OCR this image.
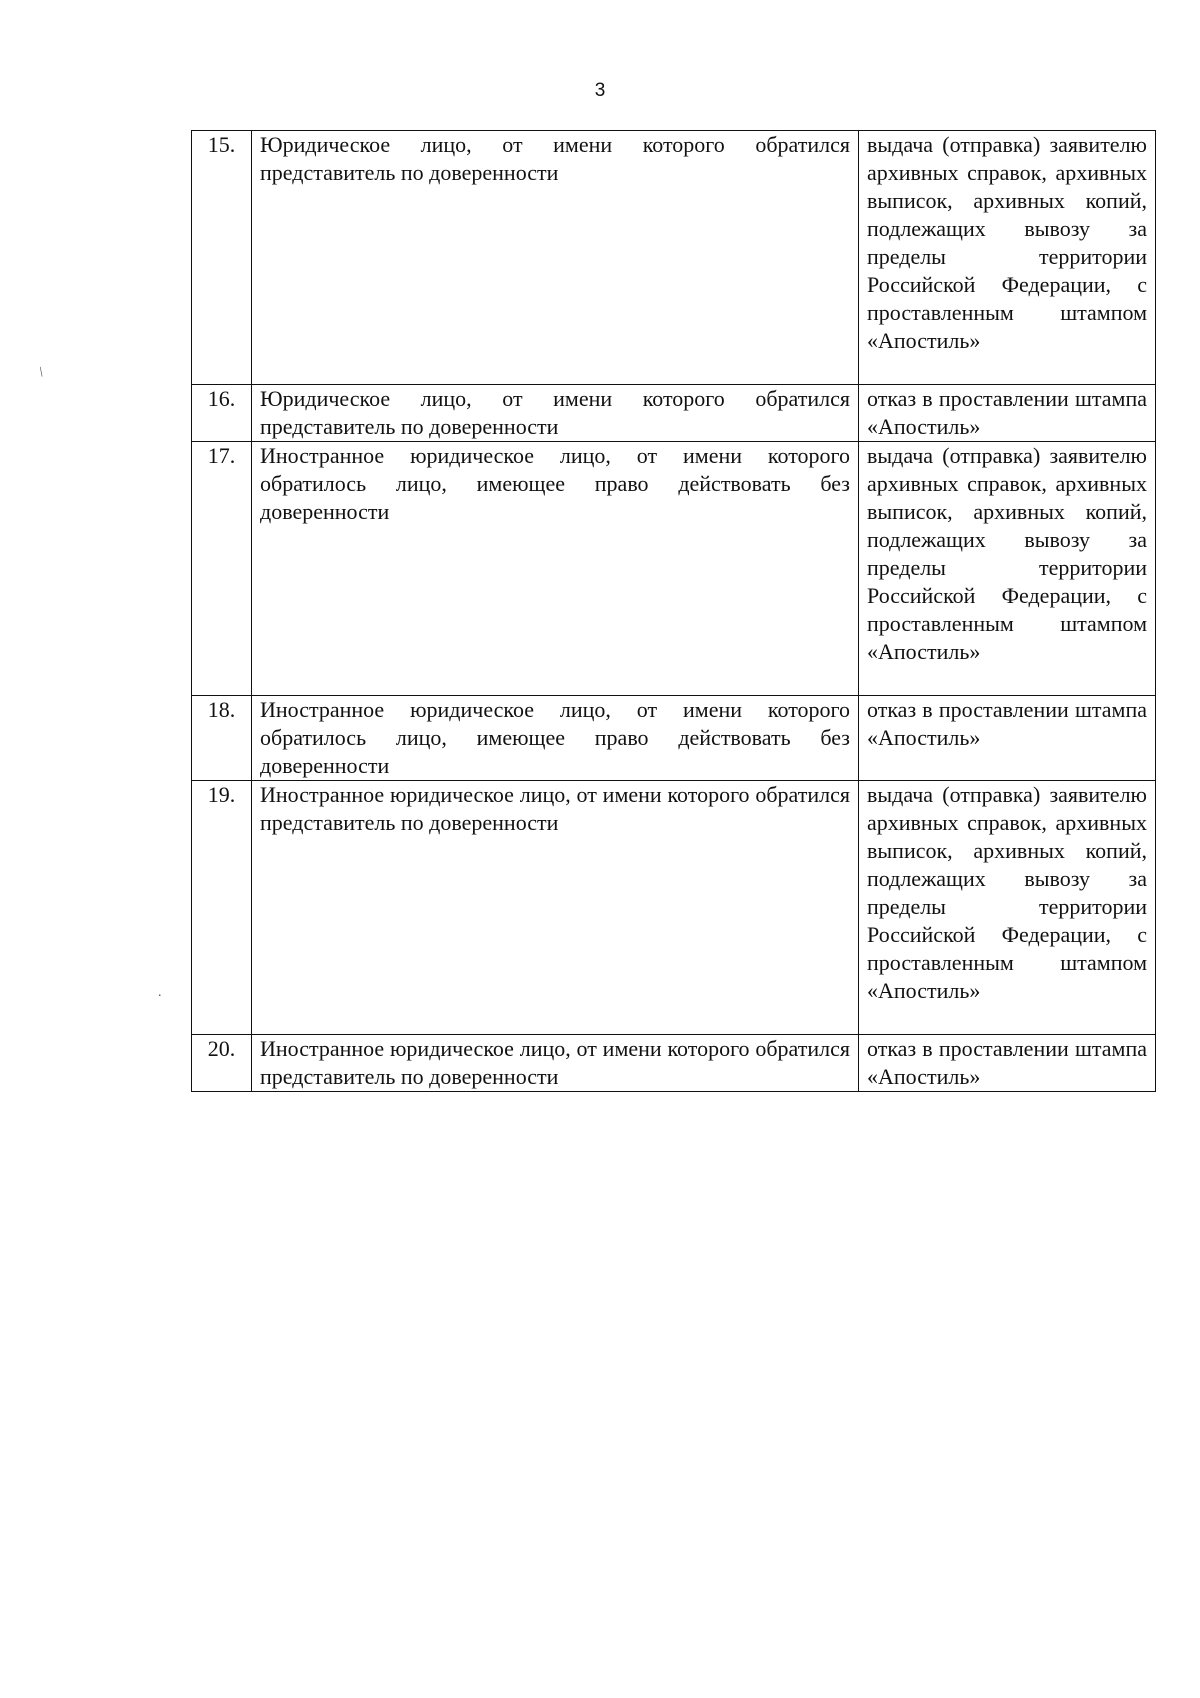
3
15.	Юридическое лицо, от имени которого обратился представитель по доверенности	выдача (отправка) заявителю архивных справок, архивных выписок, архивных копий, подлежащих вывозу за пределы территории Российской Федерации, с проставленным штампом «Апостиль»
16.	Юридическое лицо, от имени которого обратился представитель по доверенности	отказ в проставлении штампа «Апостиль»
17.	Иностранное юридическое лицо, от имени которого обратилось лицо, имеющее право действовать без доверенности	выдача (отправка) заявителю архивных справок, архивных выписок, архивных копий, подлежащих вывозу за пределы территории Российской Федерации, с проставленным штампом «Апостиль»
18.	Иностранное юридическое лицо, от имени которого обратилось лицо, имеющее право действовать без доверенности	отказ в проставлении штампа «Апостиль»
19.	Иностранное юридическое лицо, от имени которого обратился представитель по доверенности	выдача (отправка) заявителю архивных справок, архивных выписок, архивных копий, подлежащих вывозу за пределы территории Российской Федерации, с проставленным штампом «Апостиль»
20.	Иностранное юридическое лицо, от имени которого обратился представитель по доверенности	отказ в проставлении штампа «Апостиль»
/
.
